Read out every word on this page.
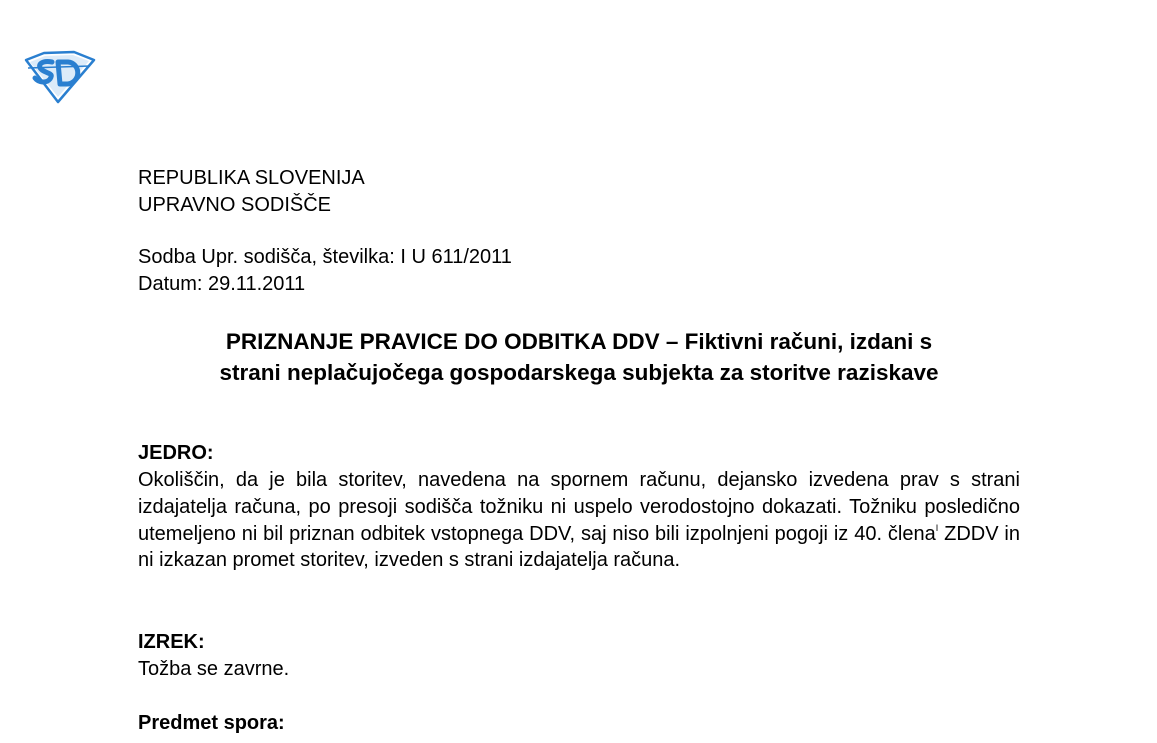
REPUBLIKA SLOVENIJA
UPRAVNO SODIŠČE
Sodba Upr. sodišča, številka: I U 611/2011
Datum: 29.11.2011
PRIZNANJE PRAVICE DO ODBITKA DDV – Fiktivni računi, izdani s
strani neplačujočega gospodarskega subjekta za storitve raziskave
JEDRO:
Okoliščin, da je bila storitev, navedena na spornem računu, dejansko izvedena prav s strani izdajatelja računa, po presoji sodišča tožniku ni uspelo verodostojno dokazati. Tožniku posledično utemeljeno ni bil priznan odbitek vstopnega DDV, saj niso bili izpolnjeni pogoji iz 40. člena$^I$ ZDDV in ni izkazan promet storitev, izveden s strani izdajatelja računa.
IZREK:
Tožba se zavrne.
Predmet spora:
